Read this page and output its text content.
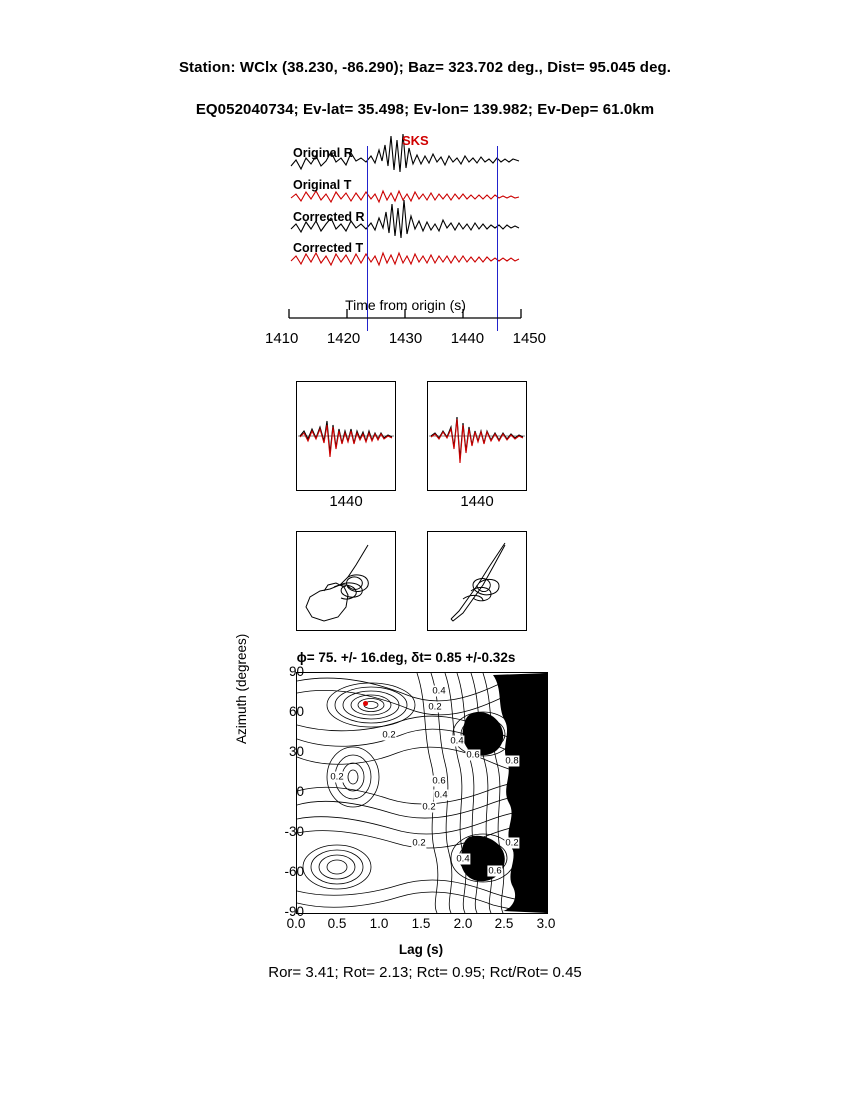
Station: WClx (38.230, -86.290); Baz= 323.702 deg., Dist= 95.045 deg.
EQ052040734; Ev-lat= 35.498; Ev-lon= 139.982; Ev-Dep= 61.0km
SKS
Original R
Original T
Corrected R
Corrected T
Time from origin (s)
1410 1420 1430 1440 1450
1440	1440
ϕ= 75. +/- 16.deg, δt= 0.85 +/-0.32s
Azimuth (degrees)	90
60
30
0
-30
-60
-90
0.4
0.2
0.2
0.2
0.4
0.6
0.8
0.6
0.4
0.2
0.2	0.2
0.4
0.6
0.0 0.5 1.0 1.5 2.0 2.5 3.0
Lag (s)
Ror= 3.41; Rot= 2.13; Rct= 0.95; Rct/Rot= 0.45
